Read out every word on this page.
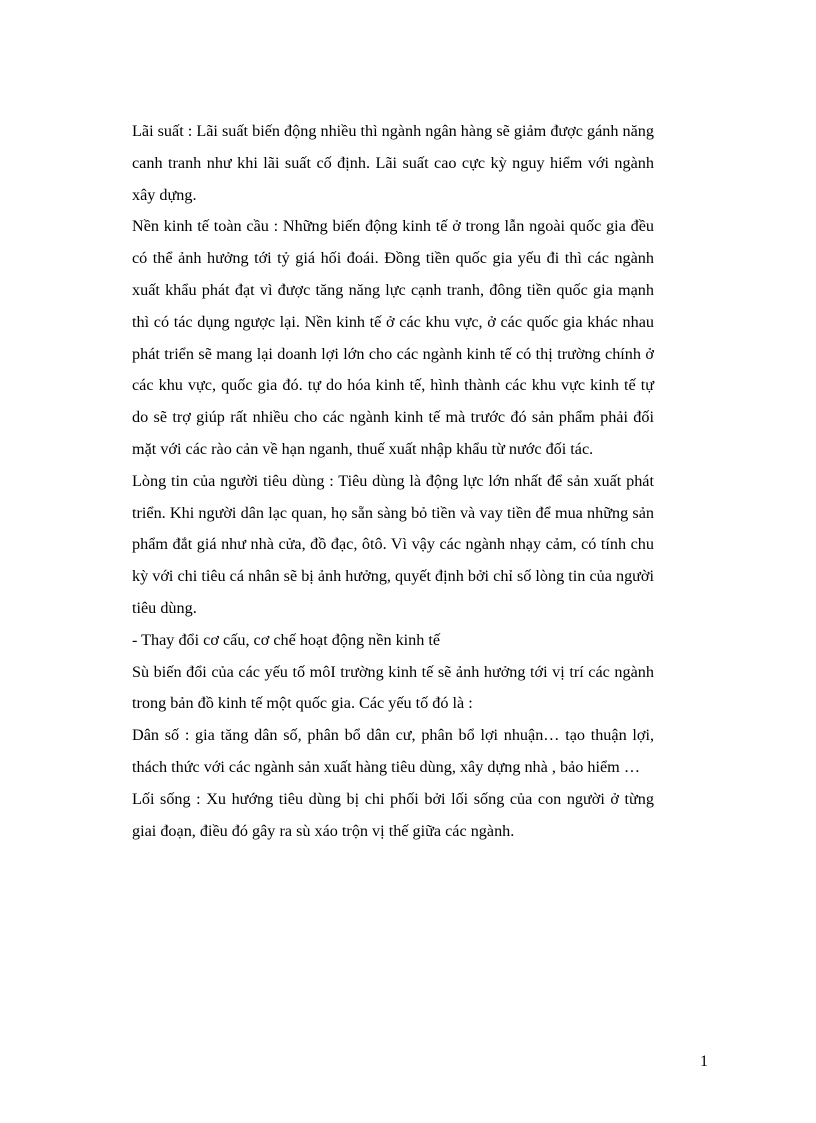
Lãi suất : Lãi suất biến động nhiều thì ngành ngân hàng sẽ giảm được gánh năng canh tranh như khi lãi suất cố định. Lãi suất cao cực kỳ nguy hiểm với ngành xây dựng.

Nền kinh tế toàn cầu : Những biến động kinh tế ở trong lẫn ngoài quốc gia đều có thể ảnh hưởng tới tỷ giá hối đoái. Đồng tiền quốc gia yếu đi thì các ngành xuất khẩu phát đạt vì được tăng năng lực cạnh tranh, đông tiền quốc gia mạnh thì có tác dụng ngược lại. Nền kinh tế ở các khu vực, ở các quốc gia khác nhau phát triển sẽ mang lại doanh lợi lớn cho các ngành kinh tế có thị trường chính ở các khu vực, quốc gia đó. tự do hóa kinh tế, hình thành các khu vực kinh tế tự do sẽ trợ giúp rất nhiều cho các ngành kinh tế mà trước đó sản phẩm phải đối mặt với các rào cản về hạn nganh, thuế xuất nhập khẩu từ nước đối tác.

Lòng tin của người tiêu dùng : Tiêu dùng là động lực lớn nhất để sản xuất phát triển. Khi người dân lạc quan, họ sẵn sàng bỏ tiền và vay tiền để mua những sản phẩm đắt giá như nhà cửa, đồ đạc, ôtô. Vì vậy các ngành nhạy cảm, có tính chu kỳ với chi tiêu cá nhân sẽ bị ảnh hưởng, quyết định bởi chỉ số lòng tin của người tiêu dùng.

- Thay đổi cơ cấu, cơ chế hoạt động nền kinh tế

Sù biến đổi của các yếu tố môI trường kinh tế sẽ ảnh hưởng tới vị trí các ngành trong bản đồ kinh tế một quốc gia. Các yếu tố đó là :

Dân số : gia tăng dân số, phân bổ dân cư, phân bổ lợi nhuận… tạo thuận lợi, thách thức với các ngành sản xuất hàng tiêu dùng, xây dựng nhà , bảo hiểm …

Lối sống : Xu hướng tiêu dùng bị chi phối bởi lối sống của con người ở từng giai đoạn, điều đó gây ra sù xáo trộn vị thế giữa các ngành.

1
